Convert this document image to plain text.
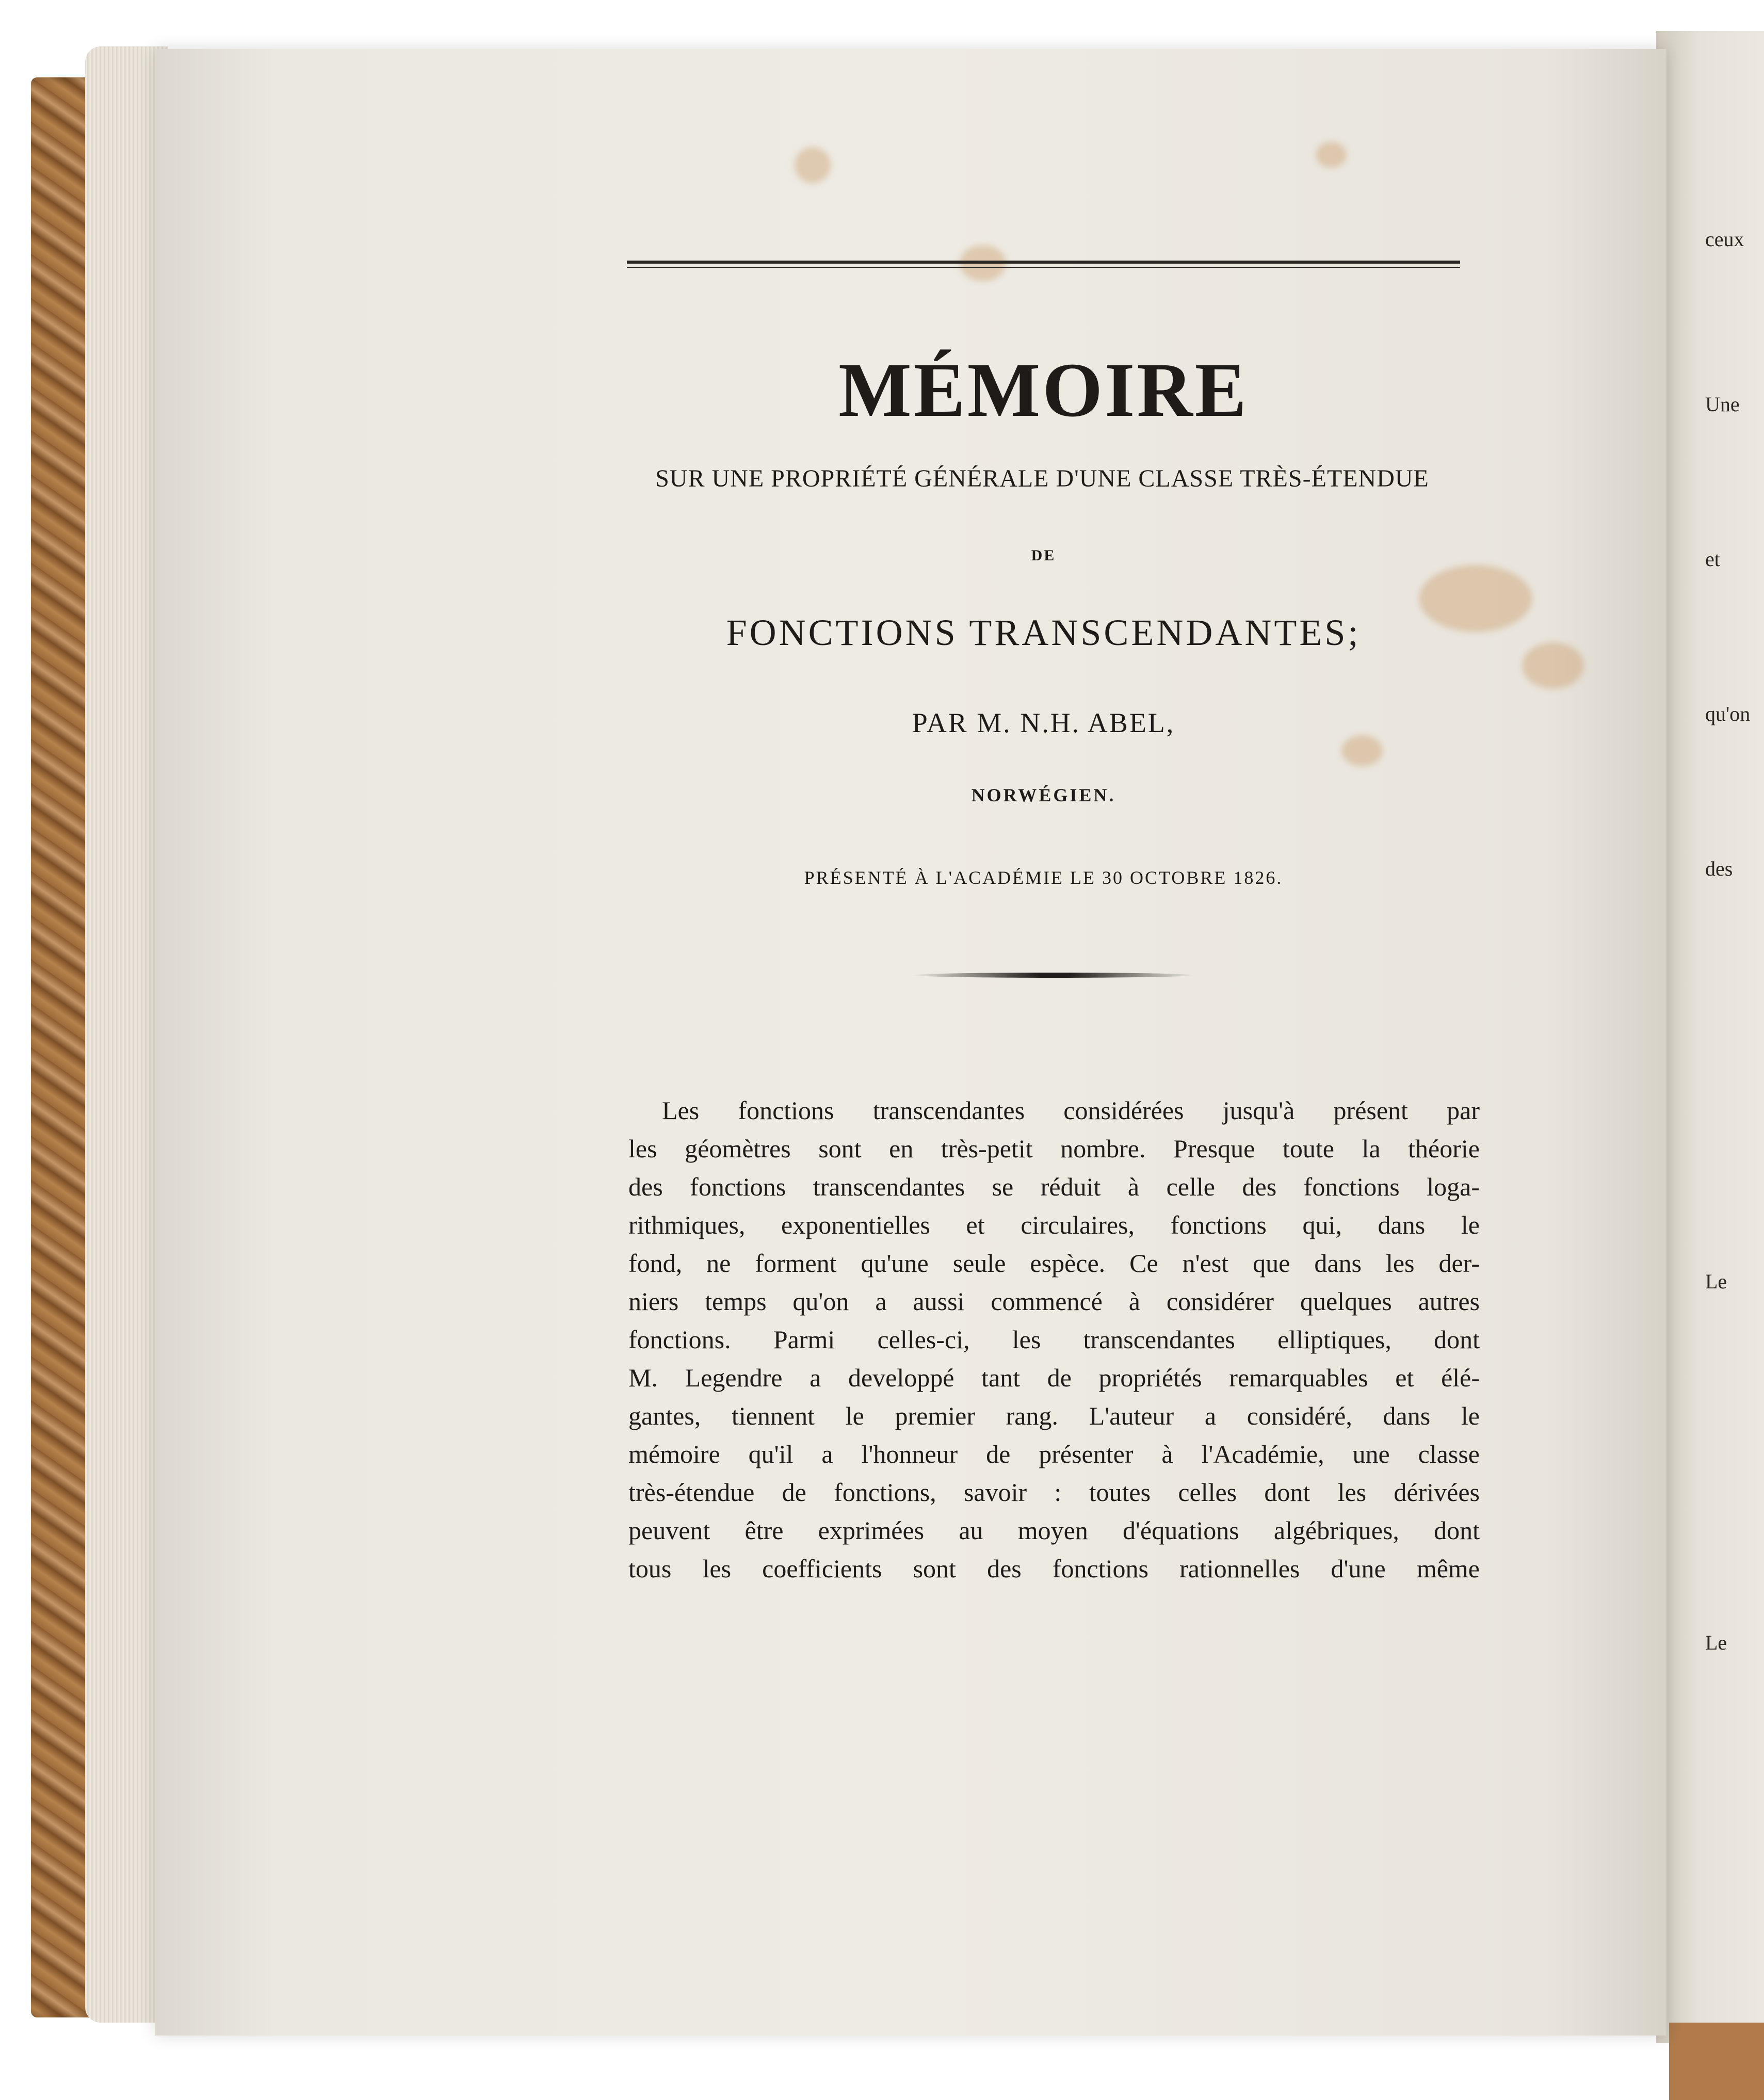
ceux
Une
et
qu'on
des
Le
Le
MÉMOIRE
SUR UNE PROPRIÉTÉ GÉNÉRALE D'UNE CLASSE TRÈS-ÉTENDUE
DE
FONCTIONS TRANSCENDANTES;
PAR M. N.H. ABEL,
NORWÉGIEN.
PRÉSENTÉ À L'ACADÉMIE LE 30 OCTOBRE 1826.
Les fonctions transcendantes considérées jusqu'à présent par
les géomètres sont en très-petit nombre. Presque toute la théorie
des fonctions transcendantes se réduit à celle des fonctions loga-
rithmiques, exponentielles et circulaires, fonctions qui, dans le
fond, ne forment qu'une seule espèce. Ce n'est que dans les der-
niers temps qu'on a aussi commencé à considérer quelques autres
fonctions. Parmi celles-ci, les transcendantes elliptiques, dont
M. Legendre a developpé tant de propriétés remarquables et élé-
gantes, tiennent le premier rang. L'auteur a considéré, dans le
mémoire qu'il a l'honneur de présenter à l'Académie, une classe
très-étendue de fonctions, savoir : toutes celles dont les dérivées
peuvent être exprimées au moyen d'équations algébriques, dont
tous les coefficients sont des fonctions rationnelles d'une même
